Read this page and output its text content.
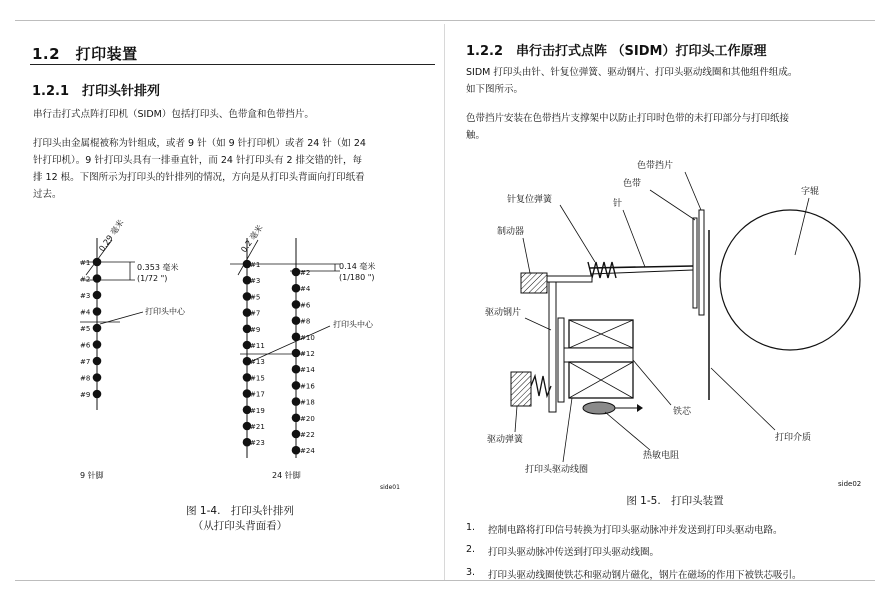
1.2　打印装置
1.2.1　打印头针排列
串行击打式点阵打印机（SIDM）包括打印头、色带盒和色带挡片。
打印头由金属棍被称为针组成，或者 9 针（如 9 针打印机）或者 24 针（如 24
针打印机）。9 针打印头具有一排垂直针，而 24 针打印头有 2 排交错的针，每
排 12 根。下图所示为打印头的针排列的情况，方向是从打印头背面向打印纸看
过去。
0.29 毫米
0.353 毫米
(1/72 ")
打印头中心
#1
#2
#3
#4
#5
#6
#7
#8
#9
9 针脚
0.2 毫米
0.14 毫米
(1/180 ")
打印头中心
#1
#3
#5
#7
#9
#11
#13
#15
#17
#19
#21
#23
#2
#4
#6
#8
#10
#12
#14
#16
#18
#20
#22
#24
24 针脚
side01
图 1-4.　打印头针排列
（从打印头背面看）
1.2.2　串行击打式点阵 （SIDM）打印头工作原理
SIDM 打印头由针、针复位弹簧、驱动钢片、打印头驱动线圈和其他组件组成。
如下图所示。
色带挡片安装在色带挡片支撑架中以防止打印时色带的未打印部分与打印纸接
触。
字辊
打印介质
色带挡片
色带
针
针复位弹簧
制动器
驱动钢片
驱动弹簧
铁芯
热敏电阻
打印头驱动线圈
side02
图 1-5.　打印头装置
1. 控制电路将打印信号转换为打印头驱动脉冲并发送到打印头驱动电路。
2. 打印头驱动脉冲传送到打印头驱动线圈。
3. 打印头驱动线圈使铁芯和驱动钢片磁化，钢片在磁场的作用下被铁芯吸引。
